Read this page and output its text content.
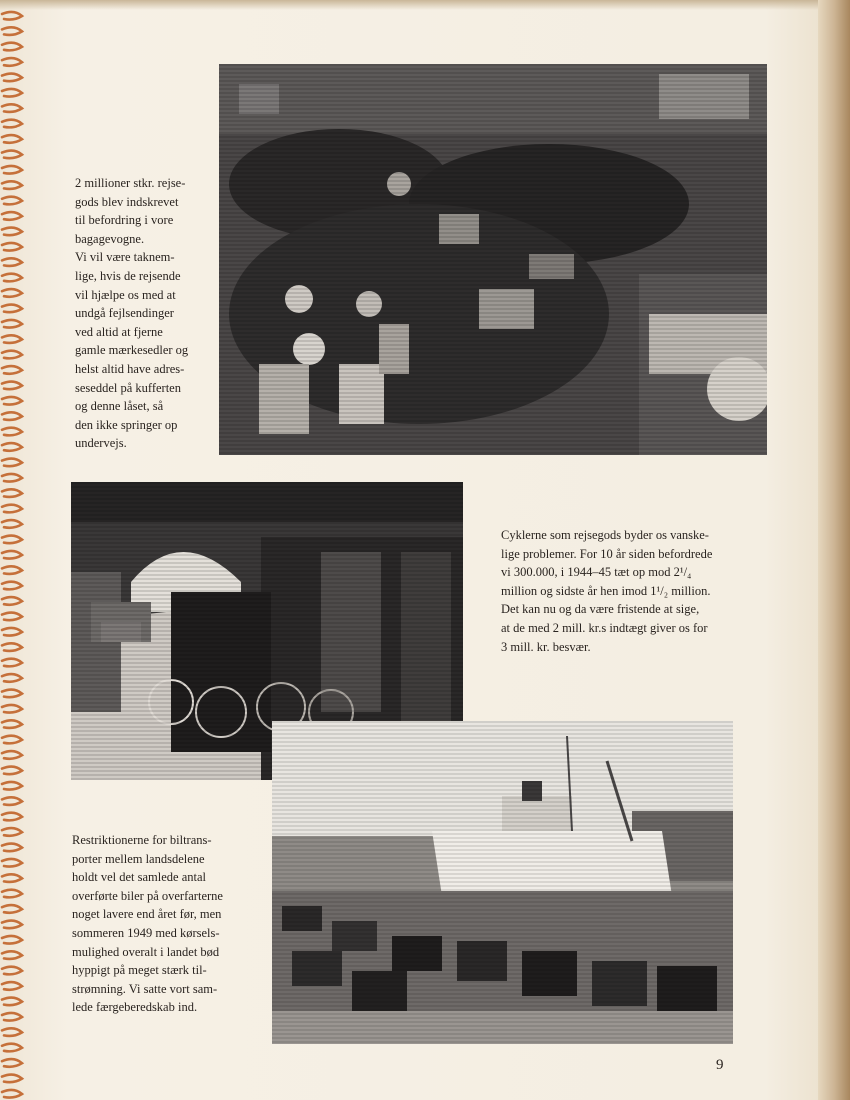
2 millioner stkr. rejse-

gods blev indskrevet

til befordring i vore

bagagevogne.

Vi vil være taknem-

lige, hvis de rejsende

vil hjælpe os med at

undgå fejlsendinger

ved altid at fjerne

gamle mærkesedler og

helst altid have adres-

seseddel på kufferten

og denne låset, så

den ikke springer op

undervejs.

Cyklerne som rejsegods byder os vanske-

lige problemer. For 10 år siden befordrede

vi 300.000, i 1944–45 tæt op mod 2¹/₄

million og sidste år hen imod 1¹/₂ million.

Det kan nu og da være fristende at sige,

at de med 2 mill. kr.s indtægt giver os for

3 mill. kr. besvær.

Restriktionerne for biltrans-

porter mellem landsdelene

holdt vel det samlede antal

overførte biler på overfarterne

noget lavere end året før, men

sommeren 1949 med kørsels-

mulighed overalt i landet bød

hyppigt på meget stærk til-

strømning. Vi satte vort sam-

lede færgeberedskab ind.

9
